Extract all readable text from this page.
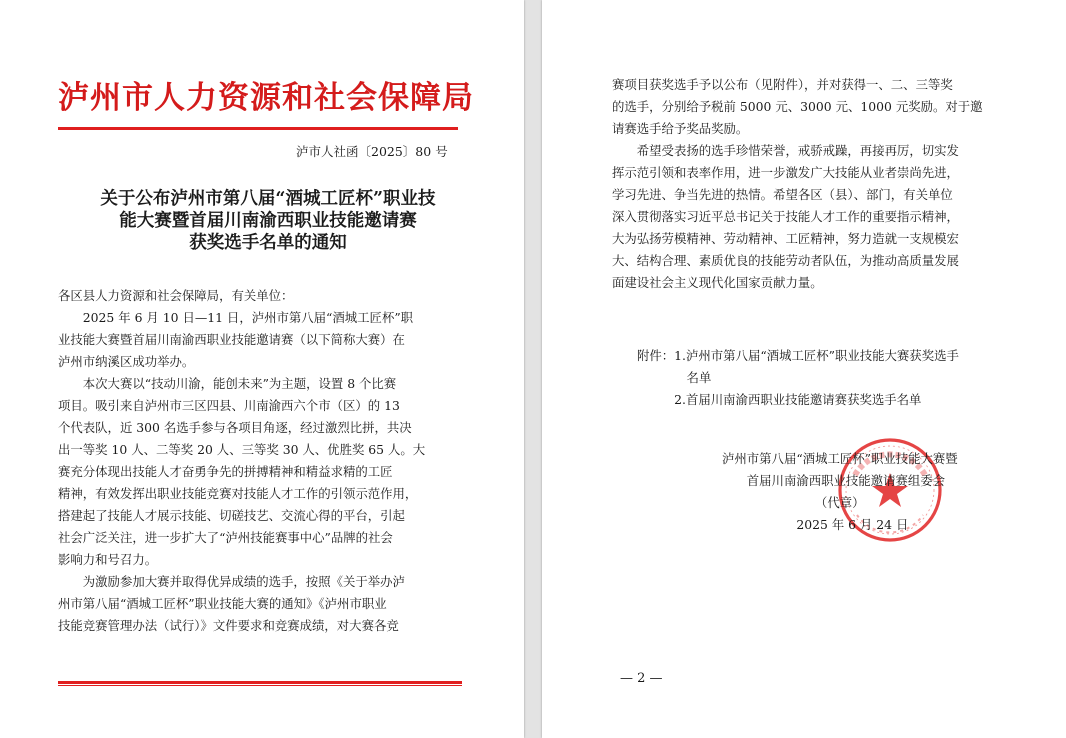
泸州市人力资源和社会保障局
泸市人社函〔2025〕80 号
关于公布泸州市第八届“酒城工匠杯”职业技
能大赛暨首届川南渝西职业技能邀请赛
获奖选手名单的通知
各区县人力资源和社会保障局，有关单位：
　　2025 年 6 月 10 日—11 日，泸州市第八届“酒城工匠杯”职
业技能大赛暨首届川南渝西职业技能邀请赛（以下简称大赛）在
泸州市纳溪区成功举办。
　　本次大赛以“技动川渝，能创未来”为主题，设置 8 个比赛
项目。吸引来自泸州市三区四县、川南渝西六个市（区）的 13
个代表队，近 300 名选手参与各项目角逐，经过激烈比拼，共决
出一等奖 10 人、二等奖 20 人、三等奖 30 人、优胜奖 65 人。大
赛充分体现出技能人才奋勇争先的拼搏精神和精益求精的工匠
精神，有效发挥出职业技能竞赛对技能人才工作的引领示范作用，
搭建起了技能人才展示技能、切磋技艺、交流心得的平台，引起
社会广泛关注，进一步扩大了“泸州技能赛事中心”品牌的社会
影响力和号召力。
　　为激励参加大赛并取得优异成绩的选手，按照《关于举办泸
州市第八届“酒城工匠杯”职业技能大赛的通知》《泸州市职业
技能竞赛管理办法（试行）》文件要求和竞赛成绩，对大赛各竞
赛项目获奖选手予以公布（见附件），并对获得一、二、三等奖
的选手，分别给予税前 5000 元、3000 元、1000 元奖励。对于邀
请赛选手给予奖品奖励。
　　希望受表扬的选手珍惜荣誉，戒骄戒躁，再接再厉，切实发
挥示范引领和表率作用，进一步激发广大技能从业者崇尚先进，
学习先进、争当先进的热情。希望各区（县）、部门，有关单位
深入贯彻落实习近平总书记关于技能人才工作的重要指示精神，
大为弘扬劳模精神、劳动精神、工匠精神，努力造就一支规模宏
大、结构合理、素质优良的技能劳动者队伍，为推动高质量发展
面建设社会主义现代化国家贡献力量。
附件：1.泸州市第八届“酒城工匠杯”职业技能大赛获奖选手
　　　　名单
　　　2.首届川南渝西职业技能邀请赛获奖选手名单
泸州市第八届“酒城工匠杯”职业技能大赛暨
　　首届川南渝西职业技能邀请赛组委会
　　　　　　　　（代章）
　　　　　　2025 年 6 月 24 日
— 2 —
